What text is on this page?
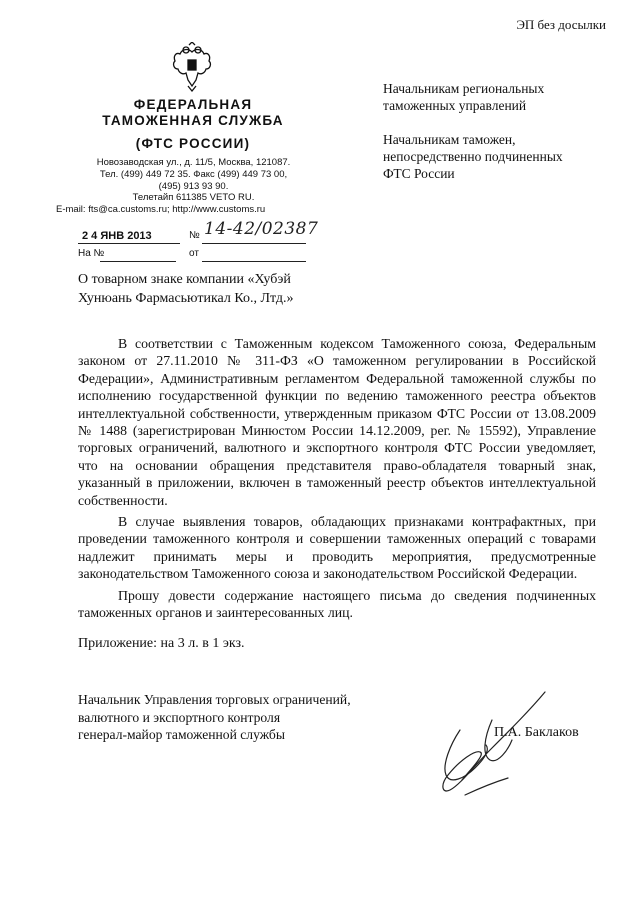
ЭП без досылки
ФЕДЕРАЛЬНАЯ
ТАМОЖЕННАЯ СЛУЖБА
(ФТС РОССИИ)
Новозаводская ул., д. 11/5, Москва, 121087.
Тел. (499) 449 72 35. Факс (499) 449 73 00,
(495) 913 93 90.
Телетайп 611385 VETO RU.
E-mail: fts@ca.customs.ru; http://www.customs.ru
Начальникам региональных
таможенных управлений
Начальникам таможен,
непосредственно подчиненных
ФТС России
2 4 ЯНВ 2013	№ 14-42/02387
На №	от
О товарном знаке компании «Хубэй
Хунюань Фармасьютикал Ко., Лтд.»

В соответствии с Таможенным кодексом Таможенного союза, Федеральным законом от 27.11.2010 № 311-ФЗ «О таможенном регулировании в Российской Федерации», Административным регламентом Федеральной таможенной службы по исполнению государственной функции по ведению таможенного реестра объектов интеллектуальной собственности, утвержденным приказом ФТС России от 13.08.2009 № 1488 (зарегистрирован Минюстом России 14.12.2009, рег. № 15592), Управление торговых ограничений, валютного и экспортного контроля ФТС России уведомляет, что на основании обращения представителя право-обладателя товарный знак, указанный в приложении, включен в таможенный реестр объектов интеллектуальной собственности.

В случае выявления товаров, обладающих признаками контрафактных, при проведении таможенного контроля и совершении таможенных операций с товарами надлежит принимать меры и проводить мероприятия, предусмотренные законодательством Таможенного союза и законодательством Российской Федерации.

Прошу довести содержание настоящего письма до сведения подчиненных таможенных органов и заинтересованных лиц.

Приложение: на 3 л. в 1 экз.
Начальник Управления торговых ограничений,
валютного и экспортного контроля
генерал-майор таможенной службы	П.А. Баклаков
